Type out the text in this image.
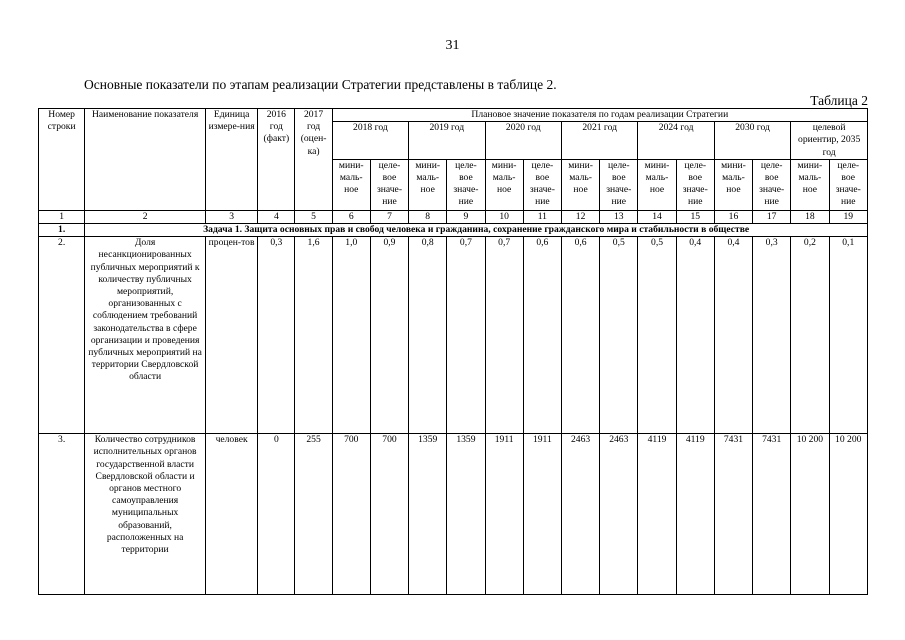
31
Основные показатели по этапам реализации Стратегии представлены в таблице 2.
Таблица 2
Номер строки	Наименование показателя	Единица измере-ния	2016 год (факт)	2017 год (оцен-ка)	Плановое значение показателя по годам реализации Стратегии													
					2018 год		2019 год		2020 год		2021 год		2024 год		2030 год		целевой ориентир, 2035 год	
					мини-маль-ное	целе-вое значе-ние	мини-маль-ное	целе-вое значе-ние	мини-маль-ное	целе-вое значе-ние	мини-маль-ное	целе-вое значе-ние	мини-маль-ное	целе-вое значе-ние	мини-маль-ное	целе-вое значе-ние	мини-маль-ное	целе-вое значе-ние
1	2	3	4	5	6	7	8	9	10	11	12	13	14	15	16	17	18	19
1.	Задача 1. Защита основных прав и свобод человека и гражданина, сохранение гражданского мира и стабильности в обществе																	
2.	Доля несанкционированных публичных мероприятий к количеству публичных мероприятий, организованных с соблюдением требований законодательства в сфере организации и проведения публичных мероприятий на территории Свердловской области	процен-тов	0,3	1,6	1,0	0,9	0,8	0,7	0,7	0,6	0,6	0,5	0,5	0,4	0,4	0,3	0,2	0,1
3.	Количество сотрудников исполнительных органов государственной власти Свердловской области и органов местного самоуправления муниципальных образований, расположенных на территории	человек	0	255	700	700	1359	1359	1911	1911	2463	2463	4119	4119	7431	7431	10 200	10 200
